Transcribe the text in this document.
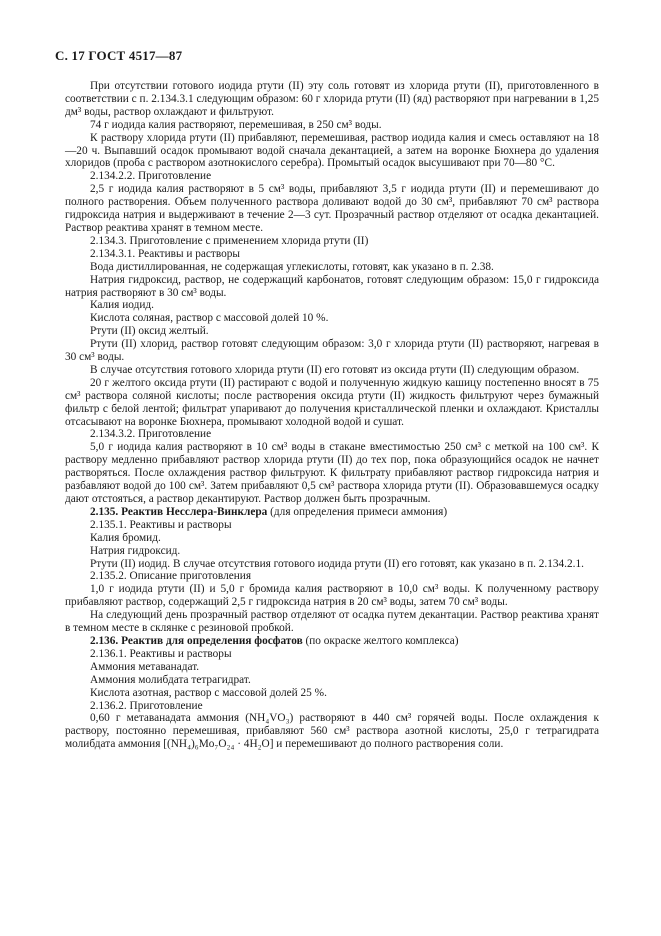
С. 17 ГОСТ 4517—87

При отсутствии готового иодида ртути (II) эту соль готовят из хлорида ртути (II), приготовленного в соответствии с п. 2.134.3.1 следующим образом: 60 г хлорида ртути (II) (яд) растворяют при нагревании в 1,25 дм³ воды, раствор охлаждают и фильтруют.

74 г иодида калия растворяют, перемешивая, в 250 см³ воды.

К раствору хлорида ртути (II) прибавляют, перемешивая, раствор иодида калия и смесь оставляют на 18—20 ч. Выпавший осадок промывают водой сначала декантацией, а затем на воронке Бюхнера до удаления хлоридов (проба с раствором азотнокислого серебра). Промытый осадок высушивают при 70—80 °С.

2.134.2.2. Приготовление

2,5 г иодида калия растворяют в 5 см³ воды, прибавляют 3,5 г иодида ртути (II) и перемешивают до полного растворения. Объем полученного раствора доливают водой до 30 см³, прибавляют 70 см³ раствора гидроксида натрия и выдерживают в течение 2—3 сут. Прозрачный раствор отделяют от осадка декантацией. Раствор реактива хранят в темном месте.

2.134.3. Приготовление с применением хлорида ртути (II)

2.134.3.1. Реактивы и растворы

Вода дистиллированная, не содержащая углекислоты, готовят, как указано в п. 2.38.

Натрия гидроксид, раствор, не содержащий карбонатов, готовят следующим образом: 15,0 г гидроксида натрия растворяют в 30 см³ воды.

Калия иодид.

Кислота соляная, раствор с массовой долей 10 %.

Ртути (II) оксид желтый.

Ртути (II) хлорид, раствор готовят следующим образом: 3,0 г хлорида ртути (II) растворяют, нагревая в 30 см³ воды.

В случае отсутствия готового хлорида ртути (II) его готовят из оксида ртути (II) следующим образом.

20 г желтого оксида ртути (II) растирают с водой и полученную жидкую кашицу постепенно вносят в 75 см³ раствора соляной кислоты; после растворения оксида ртути (II) жидкость фильтруют через бумажный фильтр с белой лентой; фильтрат упаривают до получения кристаллической пленки и охлаждают. Кристаллы отсасывают на воронке Бюхнера, промывают холодной водой и сушат.

2.134.3.2. Приготовление

5,0 г иодида калия растворяют в 10 см³ воды в стакане вместимостью 250 см³ с меткой на 100 см³. К раствору медленно прибавляют раствор хлорида ртути (II) до тех пор, пока образующийся осадок не начнет растворяться. После охлаждения раствор фильтруют. К фильтрату прибавляют раствор гидроксида натрия и разбавляют водой до 100 см³. Затем прибавляют 0,5 см³ раствора хлорида ртути (II). Образовавшемуся осадку дают отстояться, а раствор декантируют. Раствор должен быть прозрачным.

2.135. Реактив Несслера-Винклера (для определения примеси аммония)

2.135.1. Реактивы и растворы

Калия бромид.

Натрия гидроксид.

Ртути (II) иодид. В случае отсутствия готового иодида ртути (II) его готовят, как указано в п. 2.134.2.1.

2.135.2. Описание приготовления

1,0 г иодида ртути (II) и 5,0 г бромида калия растворяют в 10,0 см³ воды. К полученному раствору прибавляют раствор, содержащий 2,5 г гидроксида натрия в 20 см³ воды, затем 70 см³ воды.

На следующий день прозрачный раствор отделяют от осадка путем декантации. Раствор реактива хранят в темном месте в склянке с резиновой пробкой.

2.136. Реактив для определения фосфатов (по окраске желтого комплекса)

2.136.1. Реактивы и растворы

Аммония метаванадат.

Аммония молибдата тетрагидрат.

Кислота азотная, раствор с массовой долей 25 %.

2.136.2. Приготовление

0,60 г метаванадата аммония (NH₄VO₃) растворяют в 440 см³ горячей воды. После охлаждения к раствору, постоянно перемешивая, прибавляют 560 см³ раствора азотной кислоты, 25,0 г тетрагидрата молибдата аммония [(NH₄)₆Mo₇O₂₄ · 4H₂O] и перемешивают до полного растворения соли.
